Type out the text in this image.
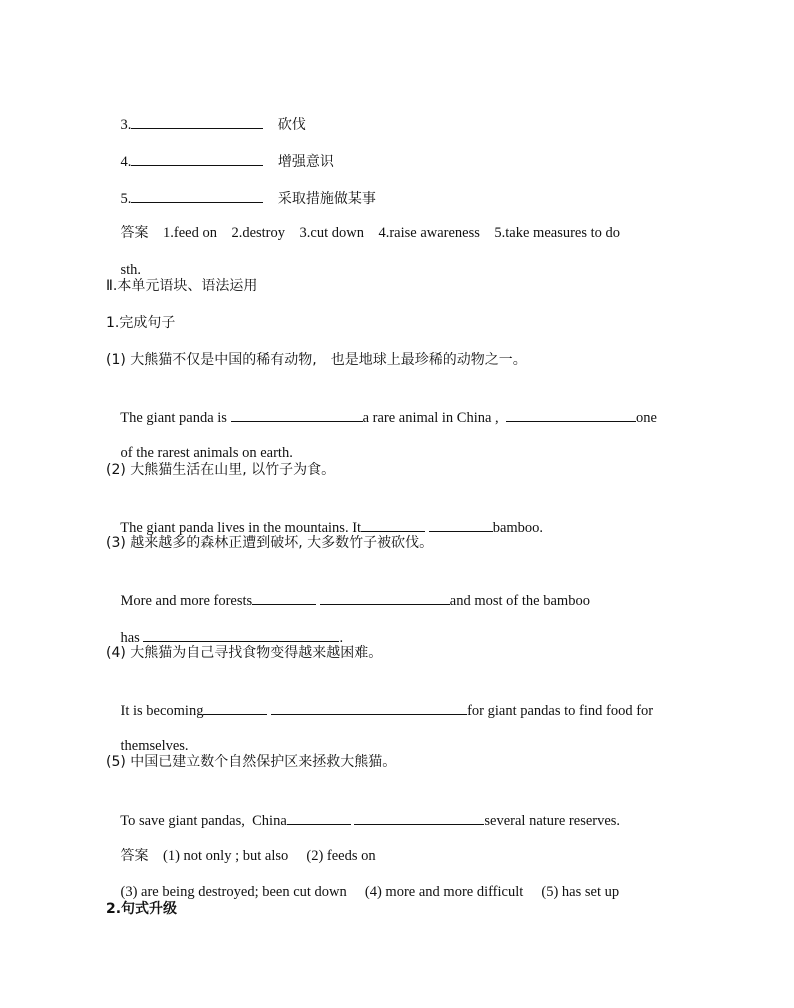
3.　	砍伐

4.　	增强意识

5.　	采取措施做某事

答案　 1.feed on　2.destroy　3.cut down　4.raise awareness　5.take measures to do

sth.

Ⅱ.本单元语块、语法运用
1.完成句子
(1) 大熊猫不仅是中国的稀有动物,　也是地球上最珍稀的动物之一。

The giant panda is	a rare animal in China ,	one

of the rarest animals on earth.

(2) 大熊猫生活在山里, 以竹子为食。

The giant panda lives in the mountains. It	bamboo.

(3) 越来越多的森林正遭到破坏, 大多数竹子被砍伐。

More and more forests	and most of the bamboo

has	.

(4) 大熊猫为自己寻找食物变得越来越困难。

It is becoming	for giant pandas to find food for

themselves.

(5) 中国已建立数个自然保护区来拯救大熊猫。

To save giant pandas,  China	several nature reserves.

答案　 (1) not only ; but also　 (2) feeds on

(3) are being destroyed; been cut down　 (4) more and more difficult　 (5) has set up

2.句式升级
